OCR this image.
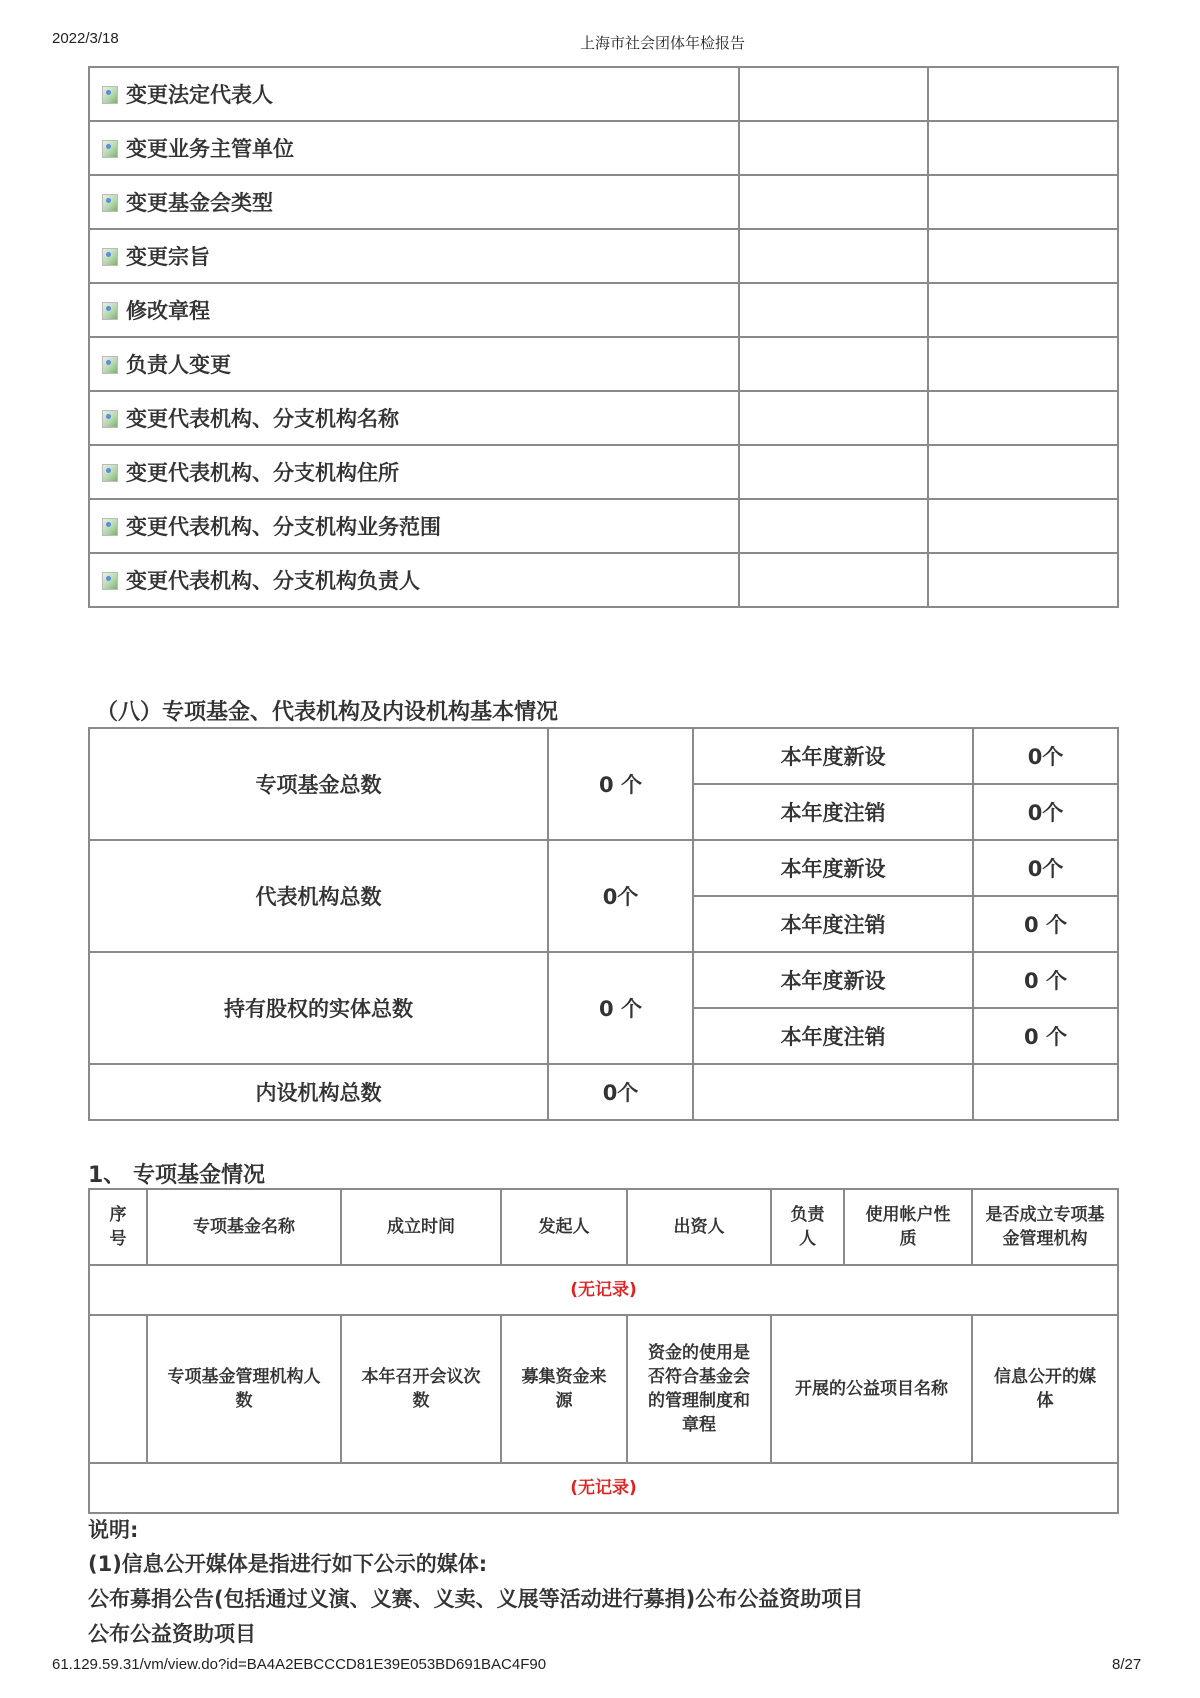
2022/3/18	上海市社会团体年检报告
变更法定代表人		
变更业务主管单位		
变更基金会类型		
变更宗旨		
修改章程		
负责人变更		
变更代表机构、分支机构名称		
变更代表机构、分支机构住所		
变更代表机构、分支机构业务范围		
变更代表机构、分支机构负责人		
（八）专项基金、代表机构及内设机构基本情况
专项基金总数	0 个	本年度新设	0个
		本年度注销	0个
代表机构总数	0个	本年度新设	0个
		本年度注销	0 个
持有股权的实体总数	0 个	本年度新设	0 个
		本年度注销	0 个
内设机构总数	0个		
1、 专项基金情况
序号	专项基金名称	成立时间	发起人	出资人	负责人	使用帐户性质	是否成立专项基金管理机构
(无记录)							
	专项基金管理机构人数	本年召开会议次数	募集资金来源	资金的使用是否符合基金会的管理制度和章程	开展的公益项目名称		信息公开的媒体
(无记录)							
说明:
(1)信息公开媒体是指进行如下公示的媒体:
公布募捐公告(包括通过义演、义赛、义卖、义展等活动进行募捐)公布公益资助项目
公布公益资助项目
61.129.59.31/vm/view.do?id=BA4A2EBCCCD81E39E053BD691BAC4F90	8/27
